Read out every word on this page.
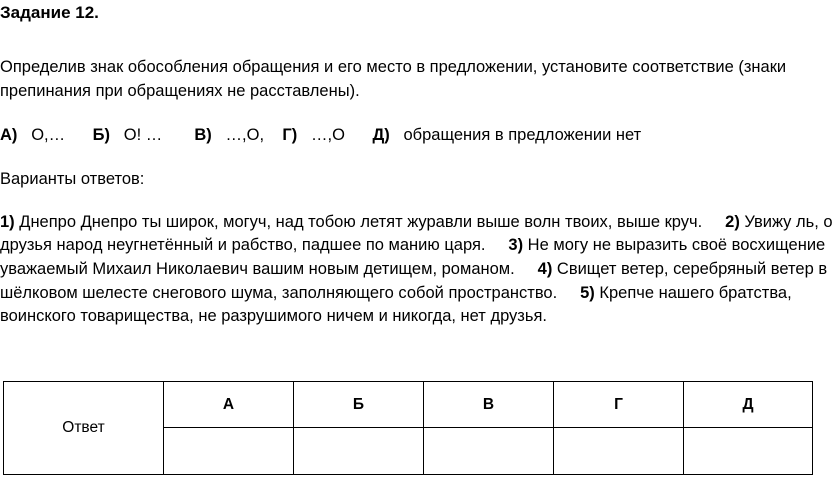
Задание 12.
Определив знак обособления обращения и его место в предложении, установите соответствие (знаки
препинания при обращениях не расставлены).
А) О,… Б) О! … В) …,О, Г) …,О Д) обращения в предложении нет
Варианты ответов:
1) Днепро Днепро ты широк, могуч, над тобою летят журавли выше волн твоих, выше круч. 2) Увижу ль, о
друзья народ неугнетённый и рабство, падшее по манию царя. 3) Не могу не выразить своё восхищение
уважаемый Михаил Николаевич вашим новым детищем, романом. 4) Свищет ветер, серебряный ветер в
шёлковом шелесте снегового шума, заполняющего собой пространство. 5) Крепче нашего братства,
воинского товарищества, не разрушимого ничем и никогда, нет друзья.
Ответ	А	Б	В	Г	Д
